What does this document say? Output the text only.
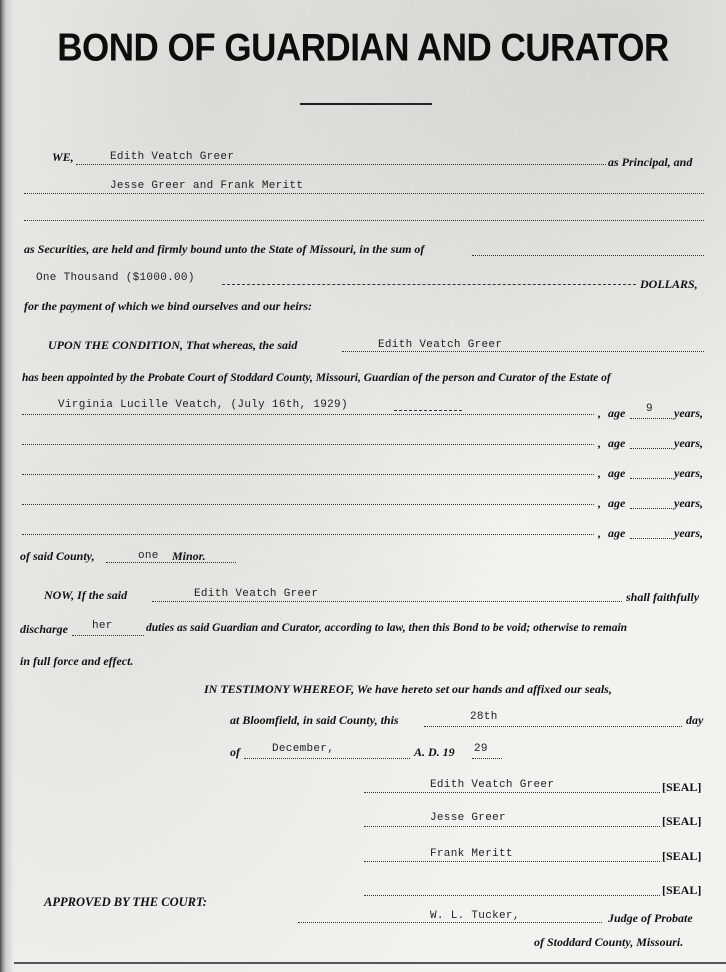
BOND OF GUARDIAN AND CURATOR
WE,	Edith Veatch Greer	as Principal, and
Jesse Greer and Frank Meritt
as Securities, are held and firmly bound unto the State of Missouri, in the sum of
One Thousand ($1000.00)	DOLLARS,
for the payment of which we bind ourselves and our heirs:
UPON THE CONDITION, That whereas, the said	Edith Veatch Greer
has been appointed by the Probate Court of Stoddard County, Missouri, Guardian of the person and Curator of the Estate of
Virginia Lucille Veatch, (July 16th, 1929)
, age 9 years,
, age	years,
, age	years,
, age	years,
, age	years,
of said County,	one Minor.
NOW, If the said	Edith Veatch Greer	shall faithfully
discharge her	duties as said Guardian and Curator, according to law, then this Bond to be void; otherwise to remain
in full force and effect.
IN TESTIMONY WHEREOF, We have hereto set our hands and affixed our seals,
at Bloomfield, in said County, this	28th	day
of	December,	A. D. 19 29
Edith Veatch Greer	[SEAL]
Jesse Greer	[SEAL]
Frank Meritt	[SEAL]
[SEAL]
APPROVED BY THE COURT:
W. L. Tucker,	Judge of Probate
of Stoddard County, Missouri.
